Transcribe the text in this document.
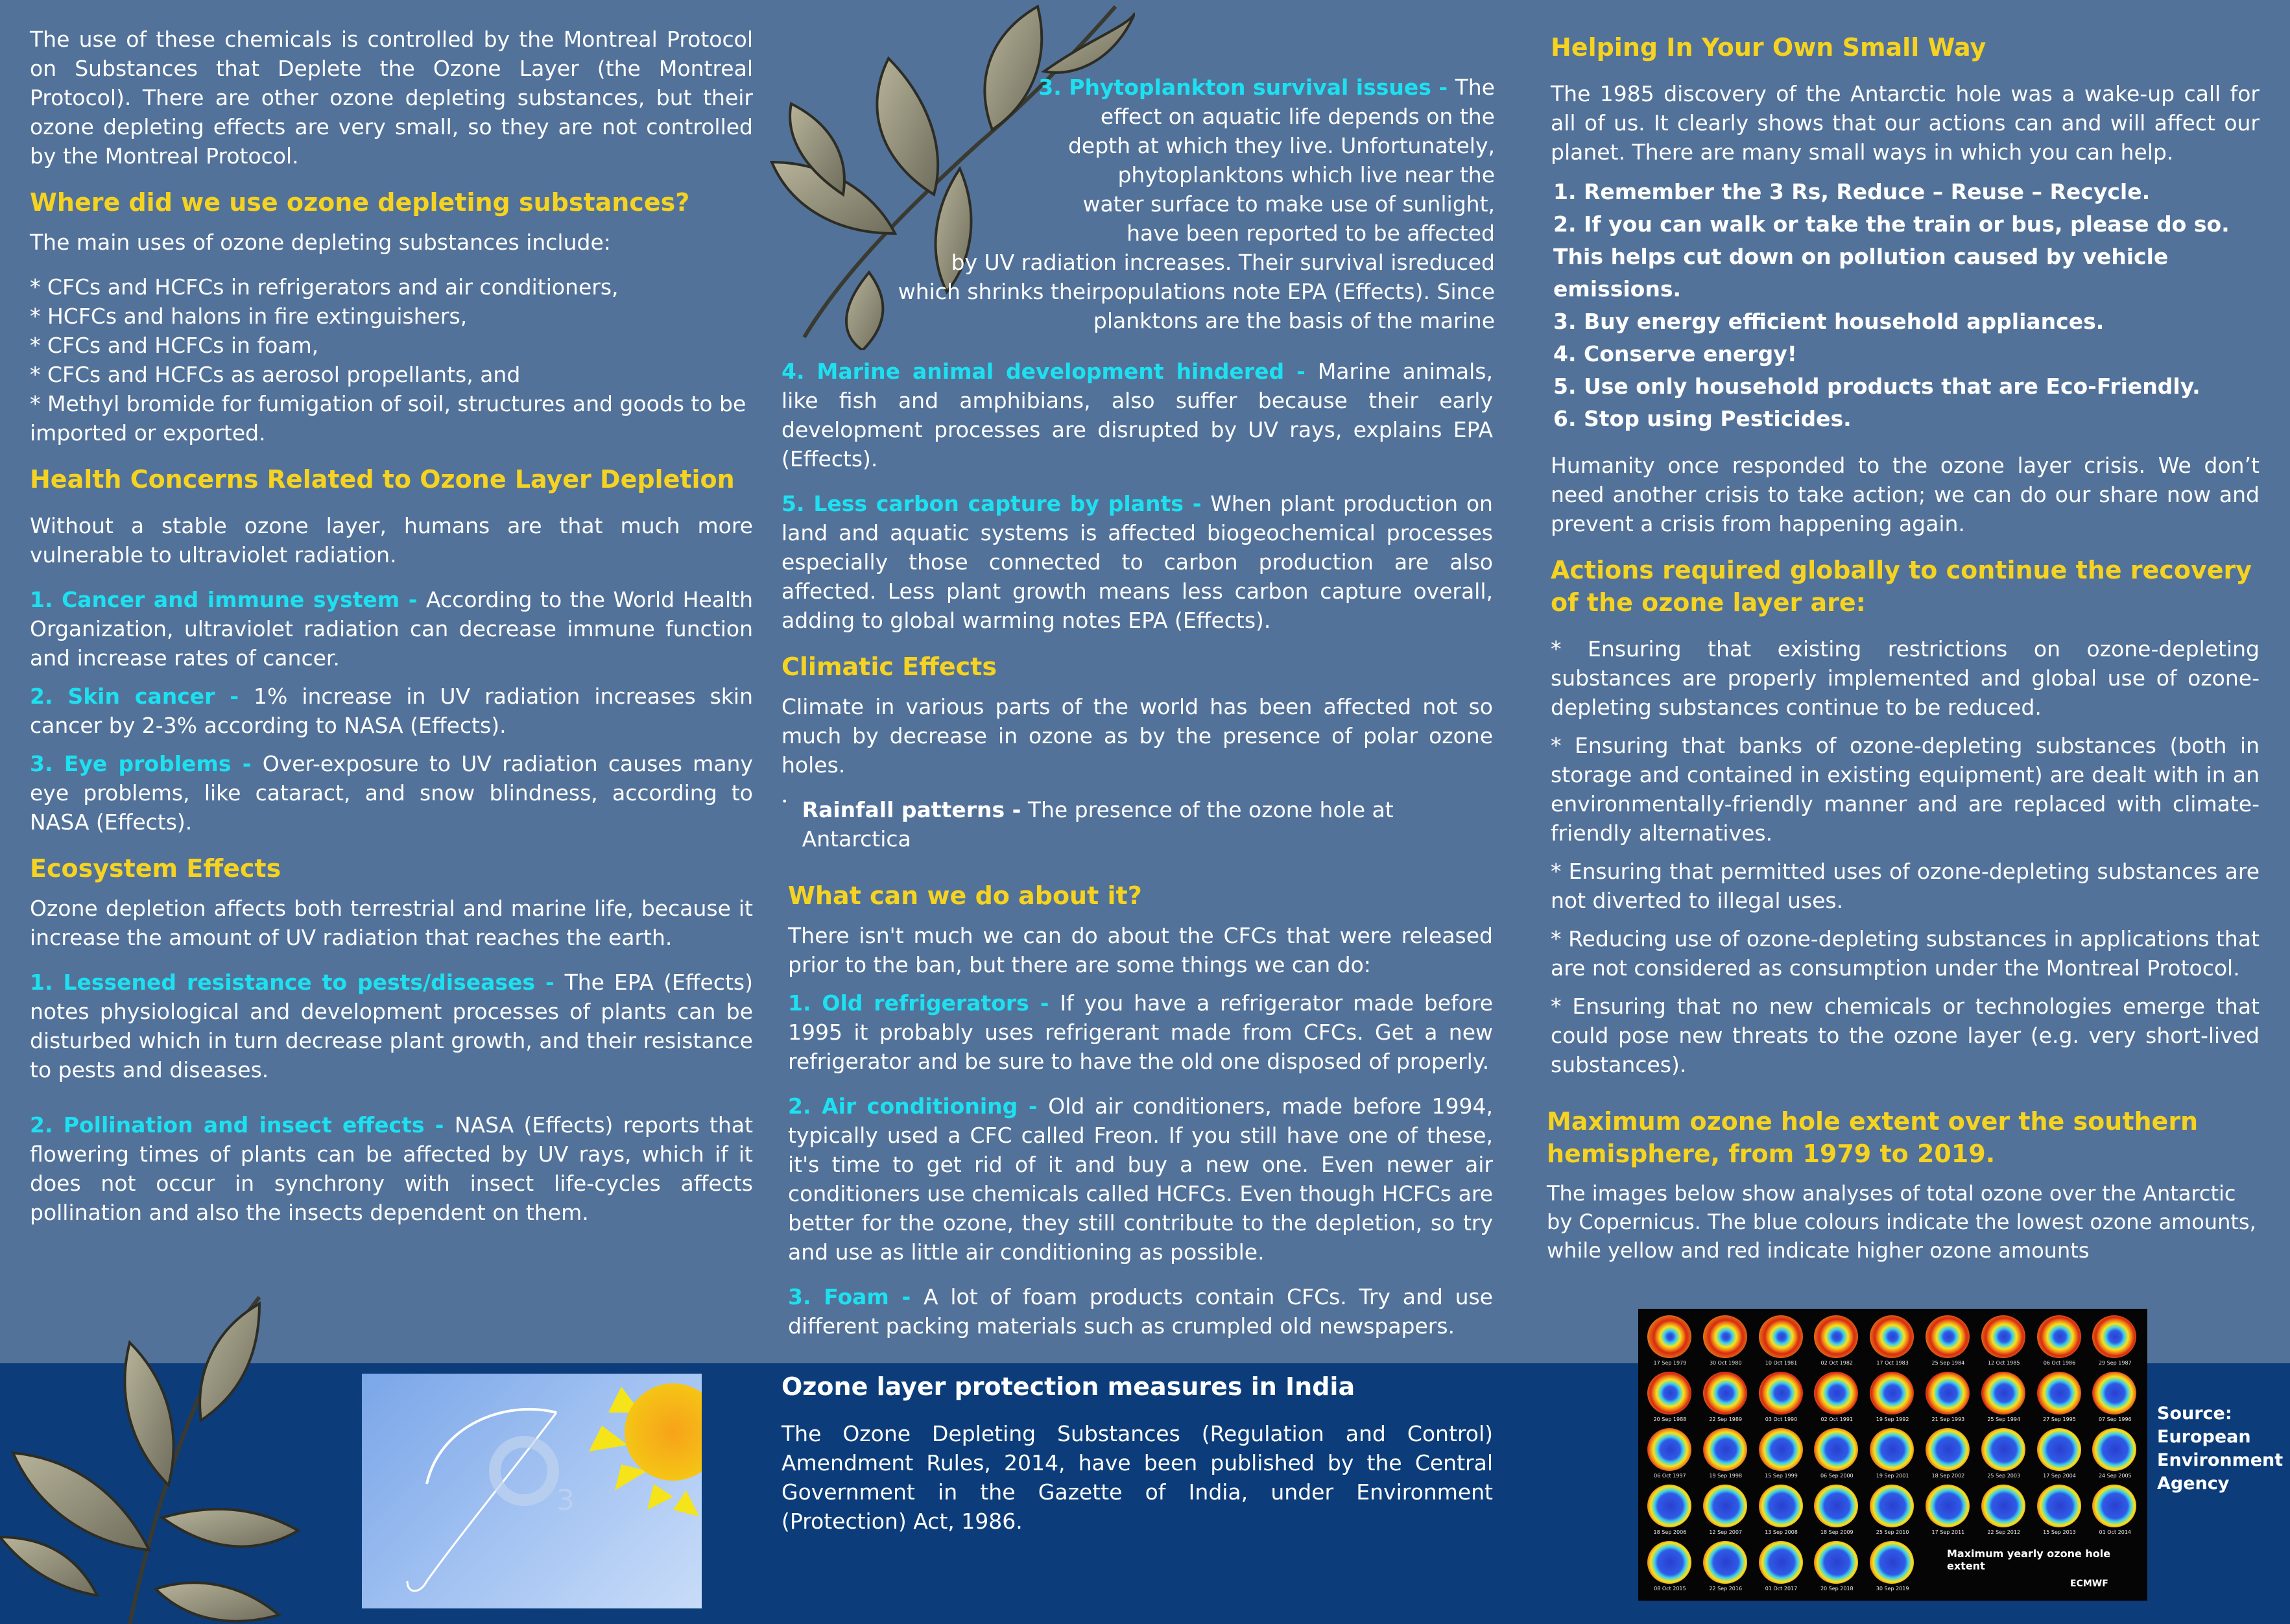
The use of these chemicals is controlled by the Montreal Protocol on Substances that Deplete the Ozone Layer (the Montreal Protocol). There are other ozone depleting substances, but their ozone depleting effects are very small, so they are not controlled by the Montreal Protocol.

Where did we use ozone depleting substances?

The main uses of ozone depleting substances include:

* CFCs and HCFCs in refrigerators and air conditioners,

* HCFCs and halons in fire extinguishers,

* CFCs and HCFCs in foam,

* CFCs and HCFCs as aerosol propellants, and

* Methyl bromide for fumigation of soil, structures and goods to be imported or exported.

Health Concerns Related to Ozone Layer Depletion

Without a stable ozone layer, humans are that much more vulnerable to ultraviolet radiation.

1. Cancer and immune system - According to the World Health Organization, ultraviolet radiation can decrease immune function and increase rates of cancer.

2. Skin cancer - 1% increase in UV radiation increases skin cancer by 2-3% according to NASA (Effects).

3. Eye problems - Over-exposure to UV radiation causes many eye problems, like cataract, and snow blindness, according to NASA (Effects).

Ecosystem Effects

Ozone depletion affects both terrestrial and marine life, because it increase the amount of UV radiation that reaches the earth.

1. Lessened resistance to pests/diseases - The EPA (Effects) notes physiological and development processes of plants can be disturbed which in turn decrease plant growth, and their resistance to pests and diseases.

2. Pollination and insect effects - NASA (Effects) reports that flowering times of plants can be affected by UV rays, which if it does not occur in synchrony with insect life-cycles affects pollination and also the insects dependent on them.

3. Phytoplankton survival issues - The

effect on aquatic life depends on the

depth at which they live. Unfortunately,

phytoplanktons which live near the

water surface to make use of sunlight,

have been reported to be affected

by UV radiation increases. Their survival isreduced

which shrinks theirpopulations note EPA (Effects). Since

planktons are the basis of the marine

4. Marine animal development hindered - Marine animals, like fish and amphibians, also suffer because their early development processes are disrupted by UV rays, explains EPA (Effects).

5. Less carbon capture by plants - When plant production on land and aquatic systems is affected biogeochemical processes especially those connected to carbon production are also affected. Less plant growth means less carbon capture overall, adding to global warming notes EPA (Effects).

Climatic Effects

Climate in various parts of the world has been affected not so much by decrease in ozone as by the presence of polar ozone holes.

• Rainfall patterns - The presence of the ozone hole at Antarctica

What can we do about it?

There isn't much we can do about the CFCs that were released prior to the ban, but there are some things we can do:

1. Old refrigerators - If you have a refrigerator made before 1995 it probably uses refrigerant made from CFCs. Get a new refrigerator and be sure to have the old one disposed of properly.

2. Air conditioning - Old air conditioners, made before 1994, typically used a CFC called Freon. If you still have one of these, it's time to get rid of it and buy a new one. Even newer air conditioners use chemicals called HCFCs. Even though HCFCs are better for the ozone, they still contribute to the depletion, so try and use as little air conditioning as possible.

3. Foam - A lot of foam products contain CFCs. Try and use different packing materials such as crumpled old newspapers.

3

Ozone layer protection measures in India

The Ozone Depleting Substances (Regulation and Control) Amendment Rules, 2014, have been published by the Central Government in the Gazette of India, under Environment (Protection) Act, 1986.

Helping In Your Own Small Way

The 1985 discovery of the Antarctic hole was a wake-up call for all of us. It clearly shows that our actions can and will affect our planet. There are many small ways in which you can help.

1. Remember the 3 Rs, Reduce – Reuse – Recycle.

2. If you can walk or take the train or bus, please do so. This helps cut down on pollution caused by vehicle emissions.

3. Buy energy efficient household appliances.

4. Conserve energy!

5. Use only household products that are Eco-Friendly.

6. Stop using Pesticides.

Humanity once responded to the ozone layer crisis. We don’t need another crisis to take action; we can do our share now and prevent a crisis from happening again.

Actions required globally to continue the recovery of the ozone layer are:

* Ensuring that existing restrictions on ozone-depleting substances are properly implemented and global use of ozone-depleting substances continue to be reduced.

* Ensuring that banks of ozone-depleting substances (both in storage and contained in existing equipment) are dealt with in an environmentally-friendly manner and are replaced with climate-friendly alternatives.

* Ensuring that permitted uses of ozone-depleting substances are not diverted to illegal uses.

* Reducing use of ozone-depleting substances in applications that are not considered as consumption under the Montreal Protocol.

* Ensuring that no new chemicals or technologies emerge that could pose new threats to the ozone layer (e.g. very short-lived substances).

Maximum ozone hole extent over the southern hemisphere, from 1979 to 2019.

The images below show analyses of total ozone over the Antarctic by Copernicus. The blue colours indicate the lowest ozone amounts, while yellow and red indicate higher ozone amounts

17 Sep 1979	30 Oct 1980	10 Oct 1981	02 Oct 1982	17 Oct 1983	25 Sep 1984	12 Oct 1985	06 Oct 1986	29 Sep 1987
20 Sep 1988	22 Sep 1989	03 Oct 1990	02 Oct 1991	19 Sep 1992	21 Sep 1993	25 Sep 1994	27 Sep 1995	07 Sep 1996
06 Oct 1997	19 Sep 1998	15 Sep 1999	06 Sep 2000	19 Sep 2001	18 Sep 2002	25 Sep 2003	17 Sep 2004	24 Sep 2005
18 Sep 2006	12 Sep 2007	13 Sep 2008	18 Sep 2009	25 Sep 2010	17 Sep 2011	22 Sep 2012	15 Sep 2013	01 Oct 2014
08 Oct 2015	22 Sep 2016	01 Oct 2017	20 Sep 2018	30 Sep 2019
Maximum yearly ozone hole extent
ECMWF

Source: European Environment Agency
